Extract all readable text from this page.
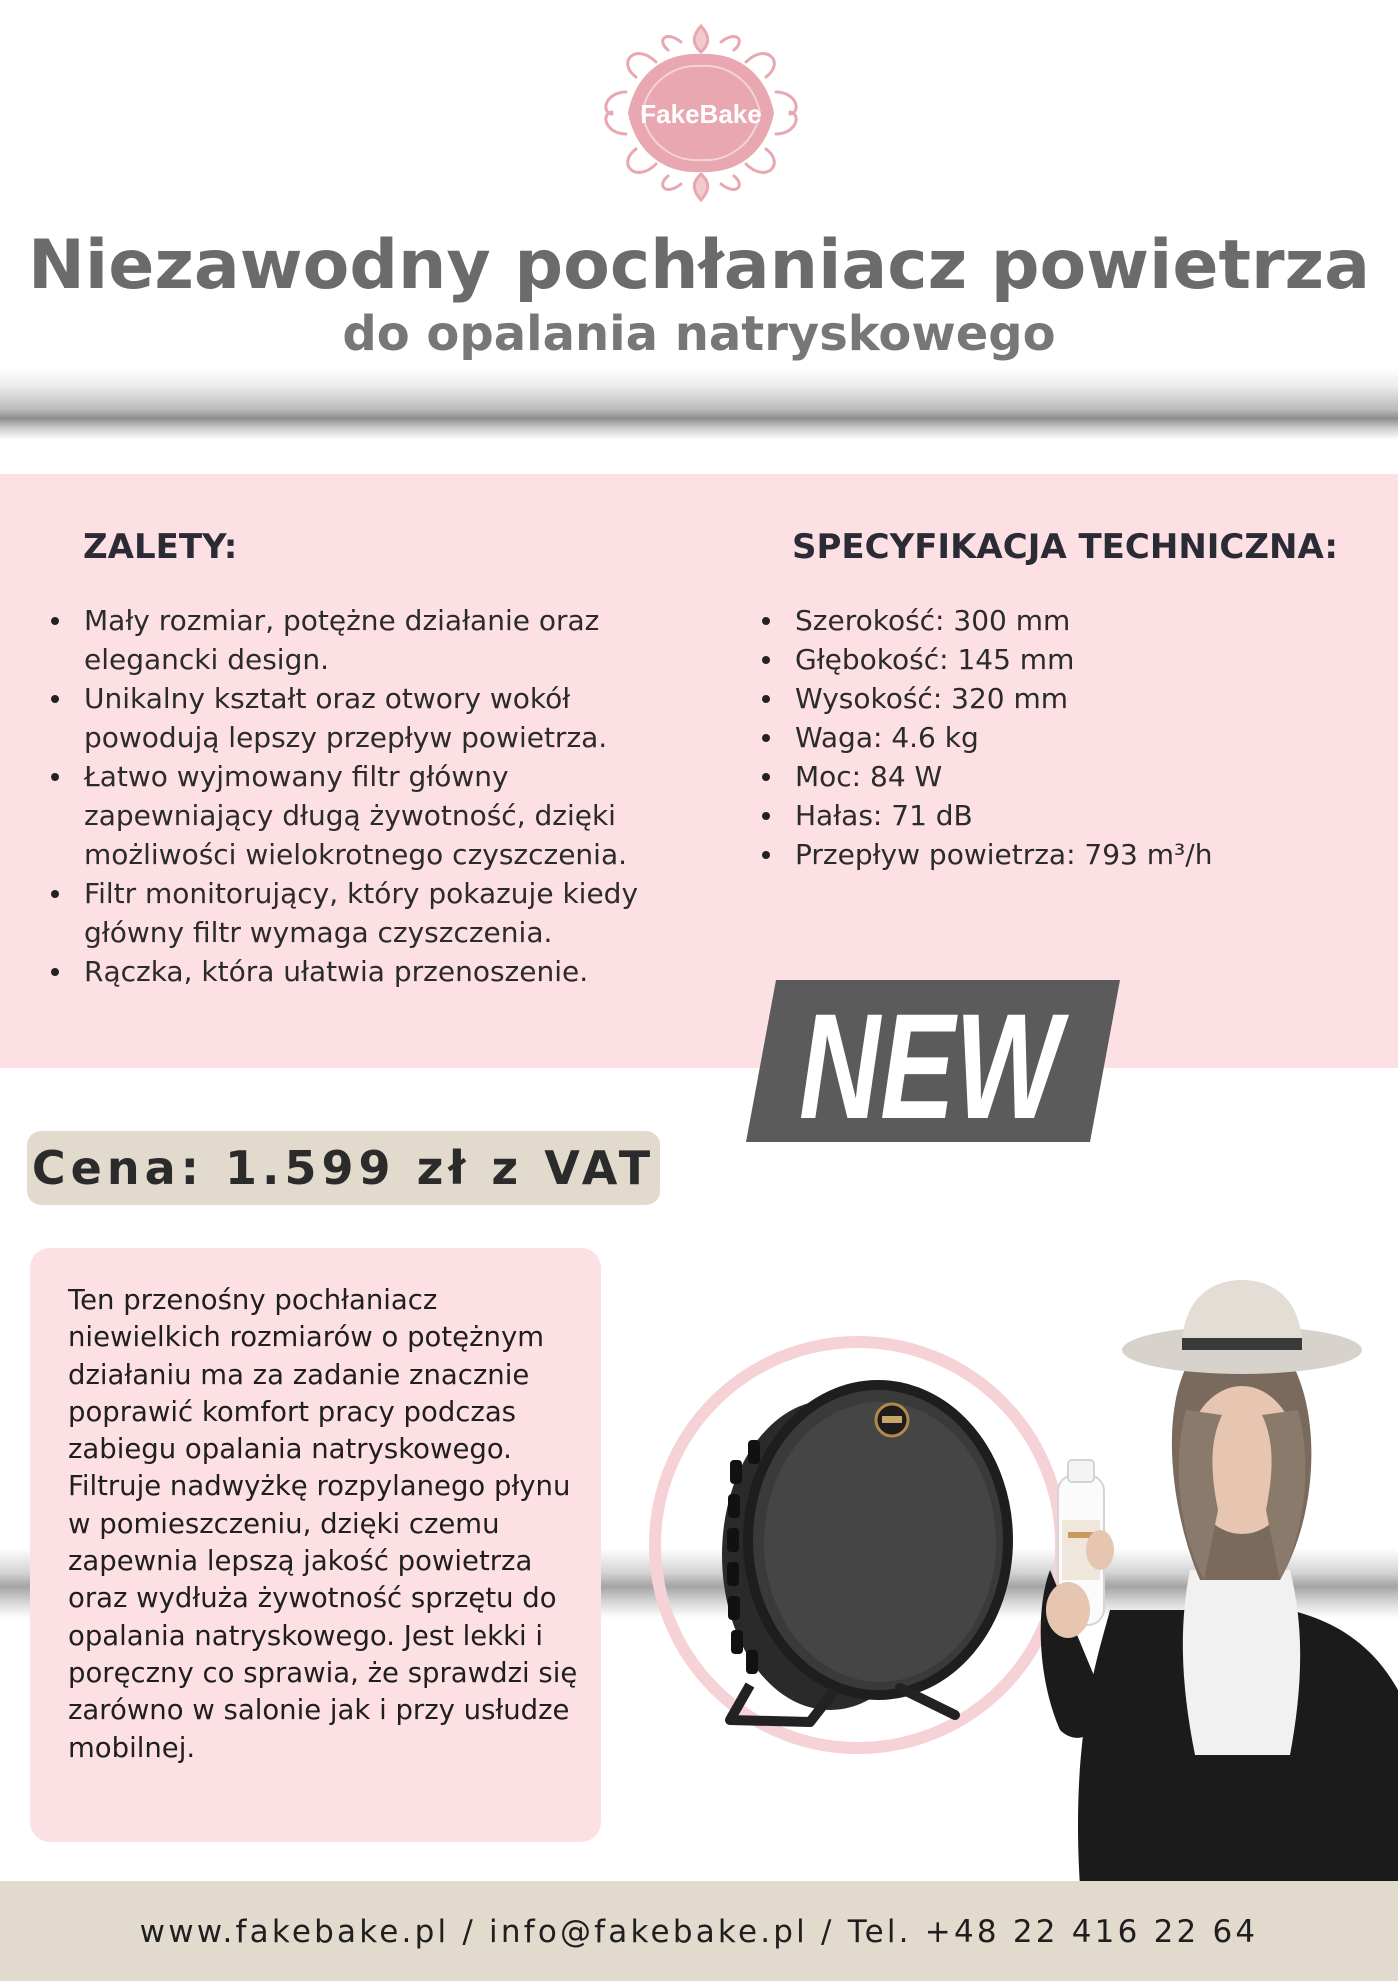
FakeBake
Niezawodny pochłaniacz powietrza
do opalania natryskowego
ZALETY:
Mały rozmiar, potężne działanie oraz elegancki design.
Unikalny kształt oraz otwory wokół powodują lepszy przepływ powietrza.
Łatwo wyjmowany filtr główny zapewniający długą żywotność, dzięki możliwości wielokrotnego czyszczenia.
Filtr monitorujący, który pokazuje kiedy główny filtr wymaga czyszczenia.
Rączka, która ułatwia przenoszenie.
SPECYFIKACJA TECHNICZNA:
Szerokość: 300 mm
Głębokość: 145 mm
Wysokość: 320 mm
Waga: 4.6 kg
Moc: 84 W
Hałas: 71 dB
Przepływ powietrza: 793 m³/h
NEW
Cena: 1.599 zł z VAT
Ten przenośny pochłaniacz niewielkich rozmiarów o potężnym działaniu ma za zadanie znacznie poprawić komfort pracy podczas zabiegu opalania natryskowego. Filtruje nadwyżkę rozpylanego płynu w pomieszczeniu, dzięki czemu zapewnia lepszą jakość powietrza oraz wydłuża żywotność sprzętu do opalania natryskowego. Jest lekki i poręczny co sprawia, że sprawdzi się zarówno w salonie jak i przy usłudze mobilnej.
www.fakebake.pl / info@fakebake.pl / Tel. +48 22 416 22 64
